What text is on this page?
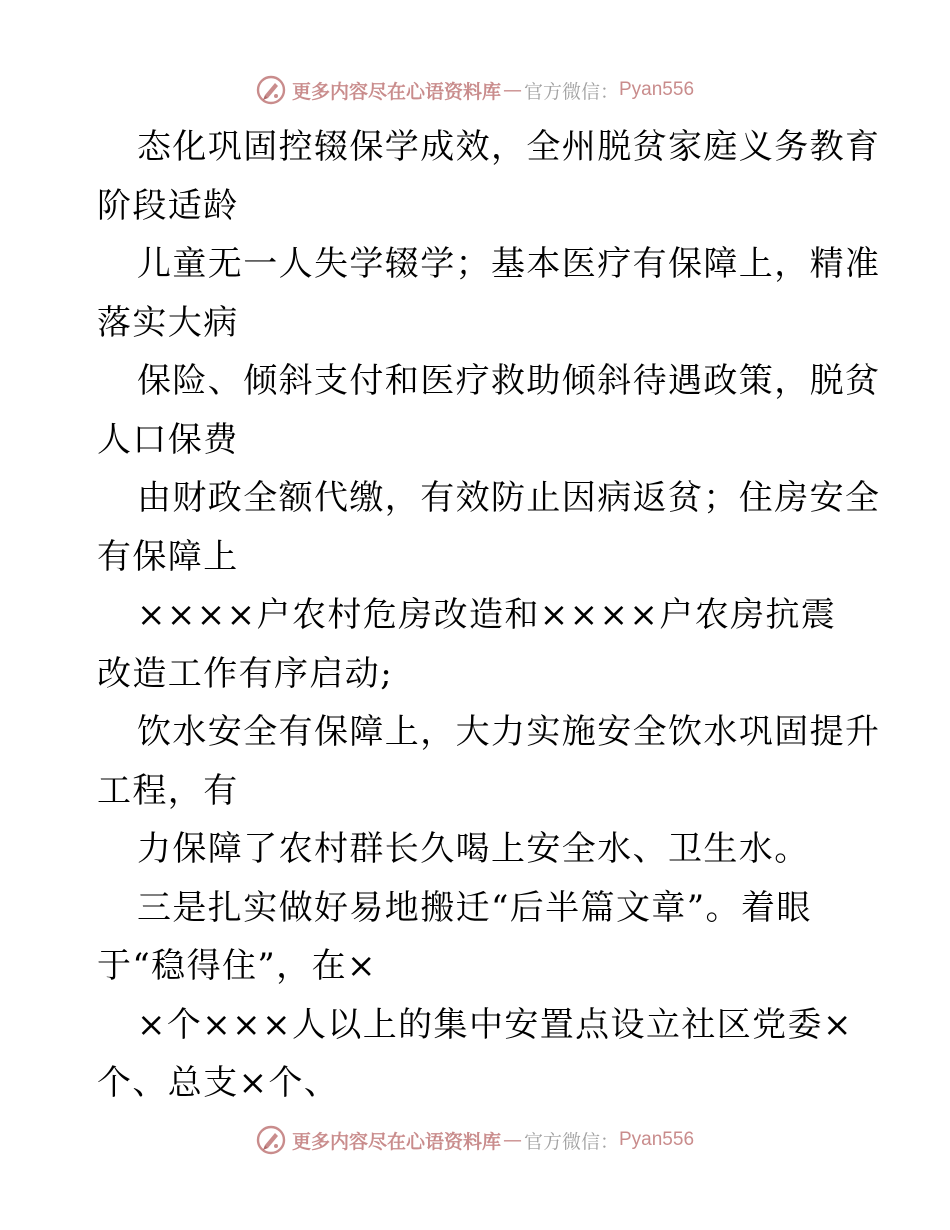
更多内容尽在心语资料库 — 官方微信： Pyan556
态化巩固控辍保学成效，全州脱贫家庭义务教育
阶段适龄
儿童无一人失学辍学；基本医疗有保障上，精准
落实大病
保险、倾斜支付和医疗救助倾斜待遇政策，脱贫
人口保费
由财政全额代缴，有效防止因病返贫；住房安全
有保障上
××××户农村危房改造和××××户农房抗震
改造工作有序启动;
饮水安全有保障上，大力实施安全饮水巩固提升
工程，有
力保障了农村群长久喝上安全水、卫生水。
三是扎实做好易地搬迁“后半篇文章”。着眼
于“稳得住”，在×
×个×××人以上的集中安置点设立社区党委×
个、总支×个、
更多内容尽在心语资料库 — 官方微信： Pyan556
